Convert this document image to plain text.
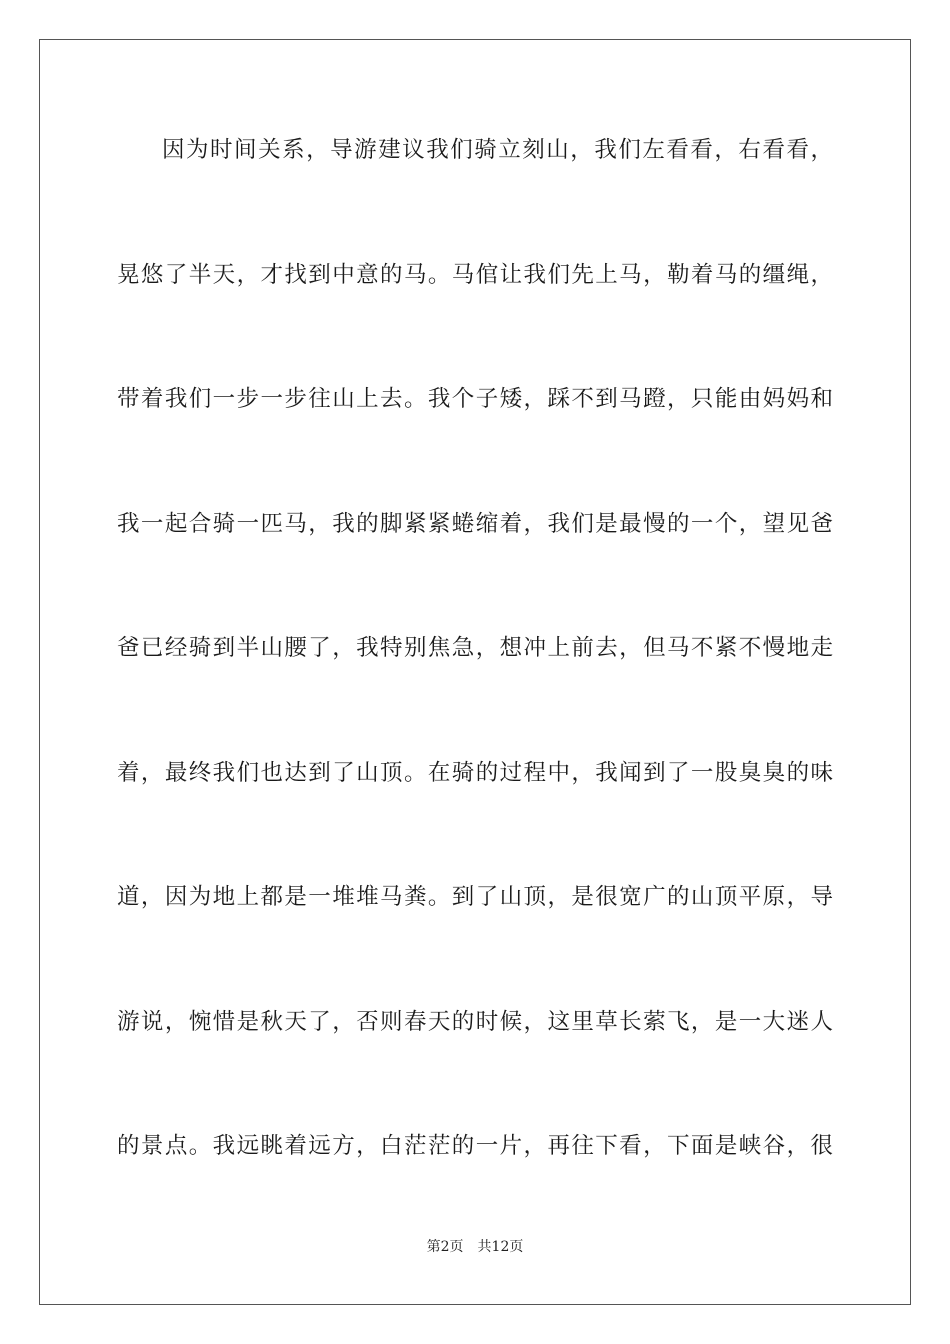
因为时间关系，导游建议我们骑立刻山，我们左看看，右看看，
晃悠了半天，才找到中意的马。马倌让我们先上马，勒着马的缰绳，
带着我们一步一步往山上去。我个子矮，踩不到马蹬，只能由妈妈和
我一起合骑一匹马，我的脚紧紧蜷缩着，我们是最慢的一个，望见爸
爸已经骑到半山腰了，我特别焦急，想冲上前去，但马不紧不慢地走
着，最终我们也达到了山顶。在骑的过程中，我闻到了一股臭臭的味
道，因为地上都是一堆堆马粪。到了山顶，是很宽广的山顶平原，导
游说，惋惜是秋天了，否则春天的时候，这里草长萦飞，是一大迷人
的景点。我远眺着远方，白茫茫的一片，再往下看，下面是峡谷，很
第2页 共12页
